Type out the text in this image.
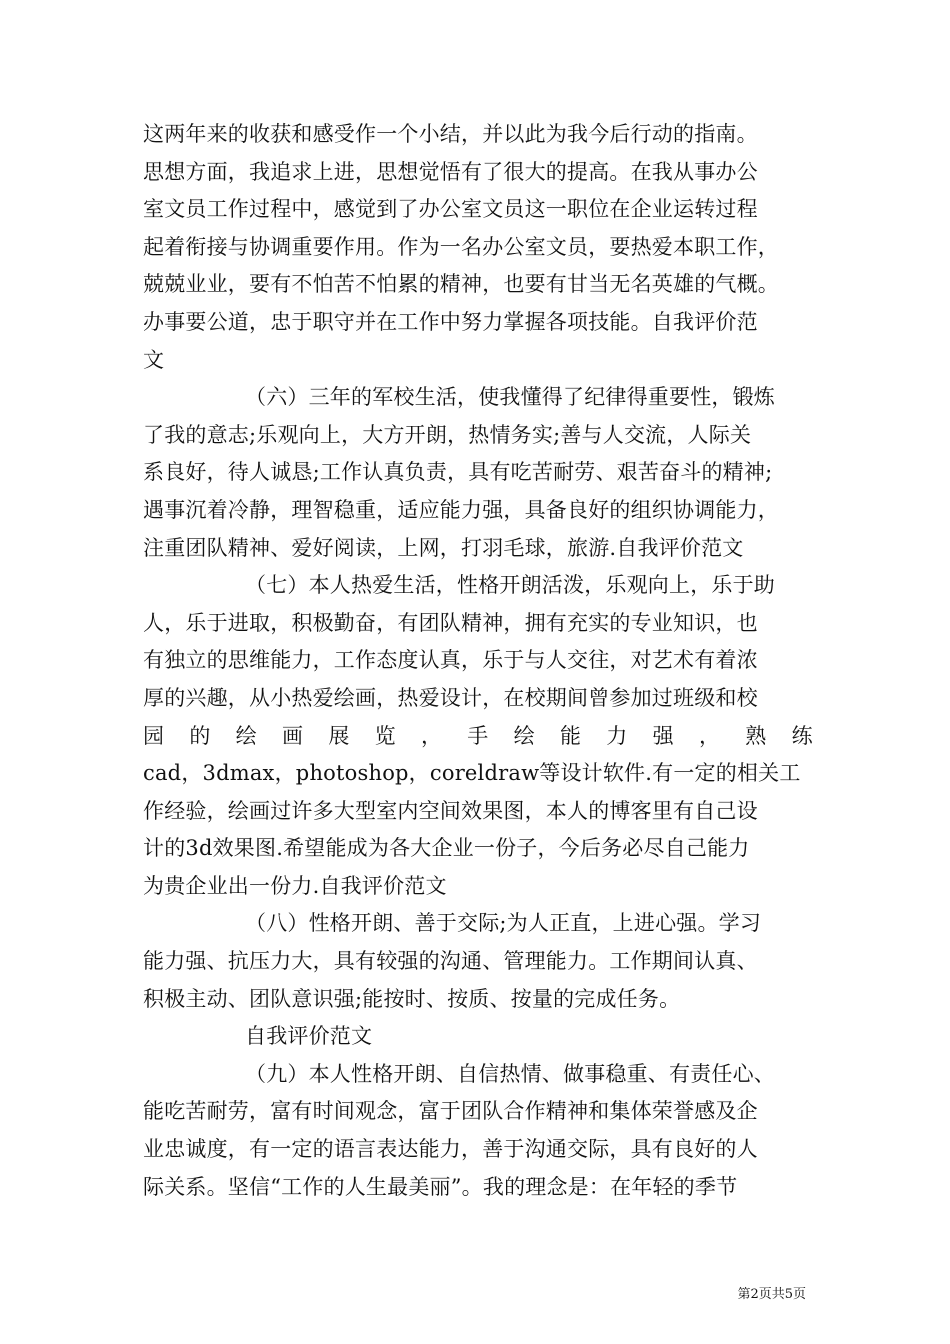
这两年来的收获和感受作一个小结，并以此为我今后行动的指南。
思想方面，我追求上进，思想觉悟有了很大的提高。在我从事办公
室文员工作过程中，感觉到了办公室文员这一职位在企业运转过程
起着衔接与协调重要作用。作为一名办公室文员，要热爱本职工作，
兢兢业业，要有不怕苦不怕累的精神，也要有甘当无名英雄的气概。
办事要公道，忠于职守并在工作中努力掌握各项技能。自我评价范
文
（六）三年的军校生活，使我懂得了纪律得重要性，锻炼
了我的意志;乐观向上，大方开朗，热情务实;善与人交流，人际关
系良好，待人诚恳;工作认真负责，具有吃苦耐劳、艰苦奋斗的精神;
遇事沉着冷静，理智稳重，适应能力强，具备良好的组织协调能力，
注重团队精神、爱好阅读，上网，打羽毛球，旅游.自我评价范文
（七）本人热爱生活，性格开朗活泼，乐观向上，乐于助
人，乐于进取，积极勤奋，有团队精神，拥有充实的专业知识，也
有独立的思维能力，工作态度认真，乐于与人交往，对艺术有着浓
厚的兴趣，从小热爱绘画，热爱设计，在校期间曾参加过班级和校
园 的 绘 画 展 览 ， 手 绘 能 力 强 ， 熟 练
cad，3dmax，photoshop，coreldraw等设计软件.有一定的相关工
作经验，绘画过许多大型室内空间效果图，本人的博客里有自己设
计的3d效果图.希望能成为各大企业一份子，今后务必尽自己能力
为贵企业出一份力.自我评价范文
（八）性格开朗、善于交际;为人正直，上进心强。学习
能力强、抗压力大，具有较强的沟通、管理能力。工作期间认真、
积极主动、团队意识强;能按时、按质、按量的完成任务。
自我评价范文
（九）本人性格开朗、自信热情、做事稳重、有责任心、
能吃苦耐劳，富有时间观念，富于团队合作精神和集体荣誉感及企
业忠诚度，有一定的语言表达能力，善于沟通交际，具有良好的人
际关系。坚信“工作的人生最美丽”。我的理念是：在年轻的季节
第2页共5页
